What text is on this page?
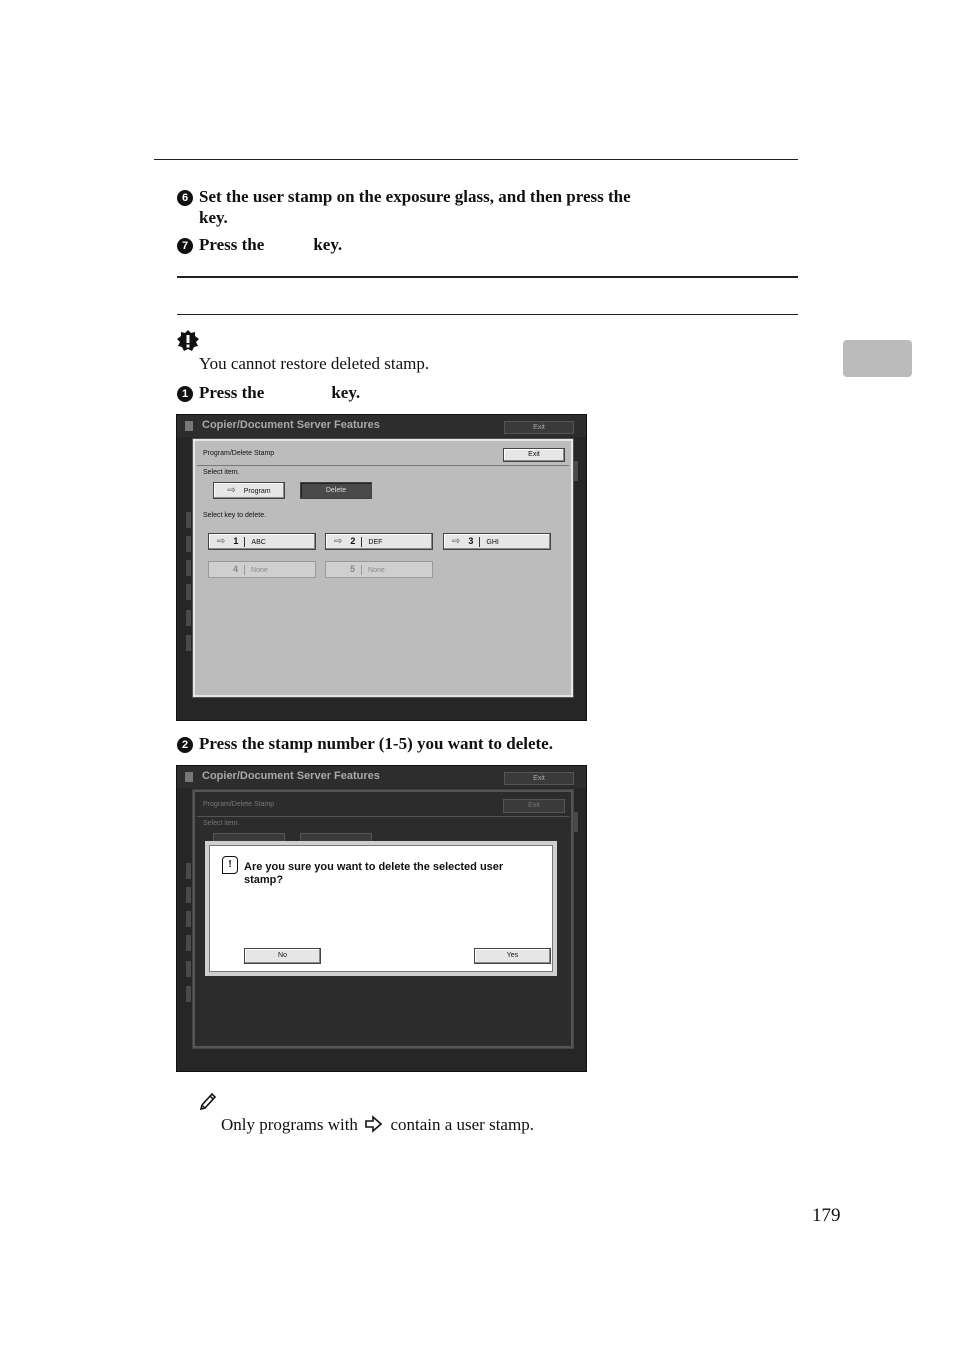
6 Set the user stamp on the exposure glass, and then press the
key.
7 Press the	key.
You cannot restore deleted stamp.
1 Press the	key.
Copier/Document Server Features	Exit
Program/Delete Stamp	Exit
Select item.
⇨ Program	Delete
Select key to delete.
⇨ 1 ABC	⇨ 2 DEF	⇨ 3 GHI
4 None	5 None
2 Press the stamp number (1-5) you want to delete.
Copier/Document Server Features	Exit
Program/Delete Stamp	Exit
Select item.
!	Are you sure you want to delete the selected user stamp?
No	Yes
Only programs with contain a user stamp.
179
